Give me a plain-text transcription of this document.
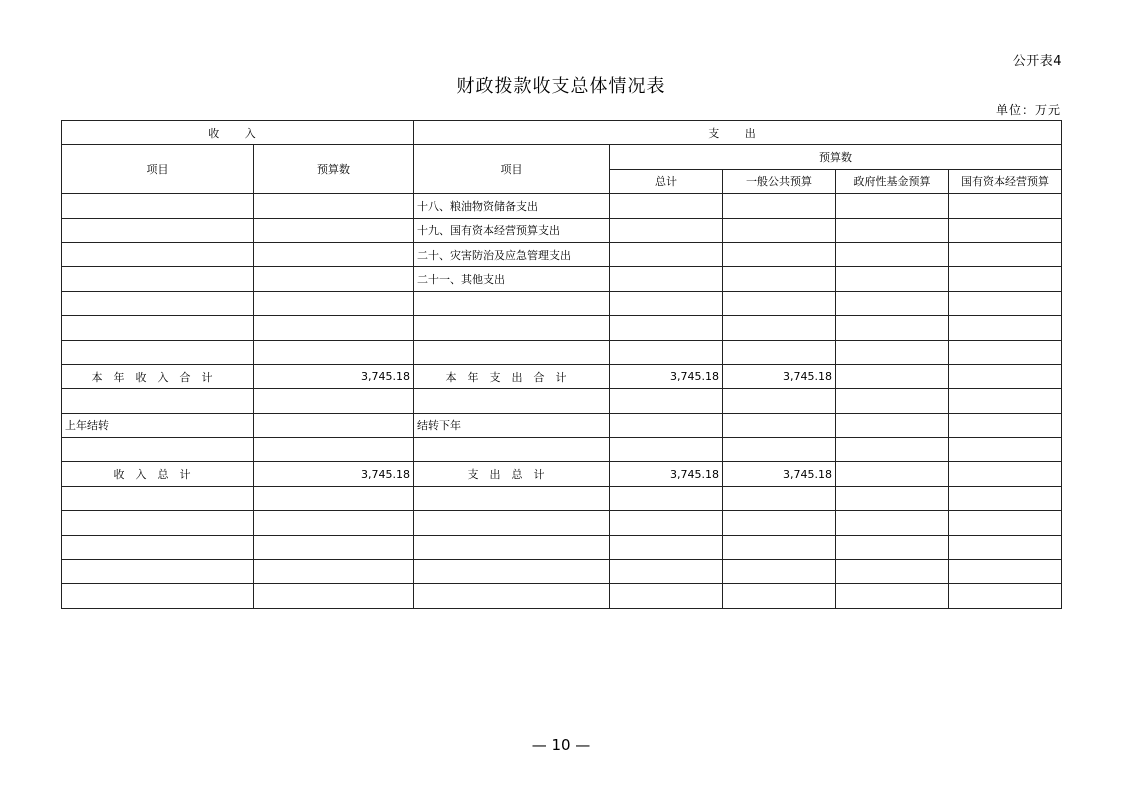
公开表4
财政拨款收支总体情况表
单位：万元
收 入		支 出				
项目	预算数	项目	预算数			
			总计	一般公共预算	政府性基金预算	国有资本经营预算
		十八、粮油物资储备支出				
		十九、国有资本经营预算支出				
		二十、灾害防治及应急管理支出				
		二十一、其他支出				

本年收入合计	3,745.18	本年支出合计	3,745.18	3,745.18		

上年结转		结转下年				

收入总计	3,745.18	支出总计	3,745.18	3,745.18		

— 10 —
